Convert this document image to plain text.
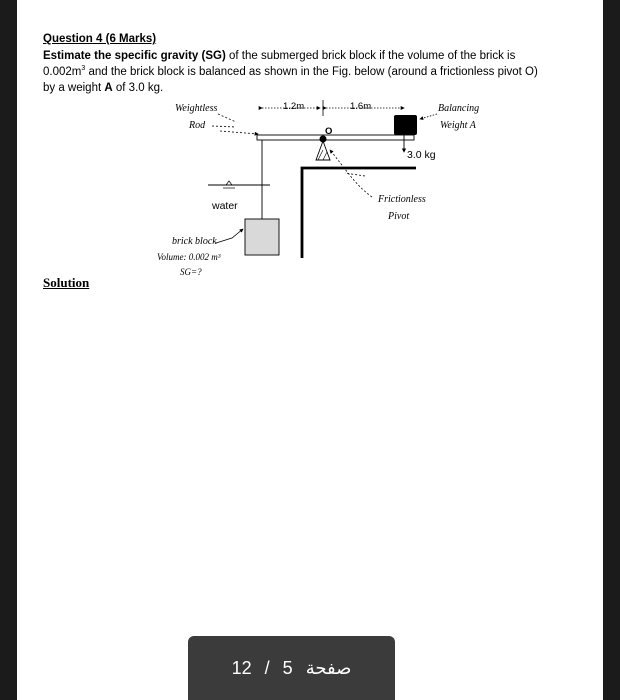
Question 4 (6 Marks)
Estimate the specific gravity (SG) of the submerged brick block if the volume of the brick is $0.002m^3$ and the brick block is balanced as shown in the Fig. below (around a frictionless pivot O) by a weight A of 3.0 kg.
1.2m	1.6m
O
water
3.0 kg
Weightless
Rod
Balancing
Weight A
Frictionless
Pivot
brick block
Volume: 0.002 m³
SG=?
Solution
12 / 5 صفحة
